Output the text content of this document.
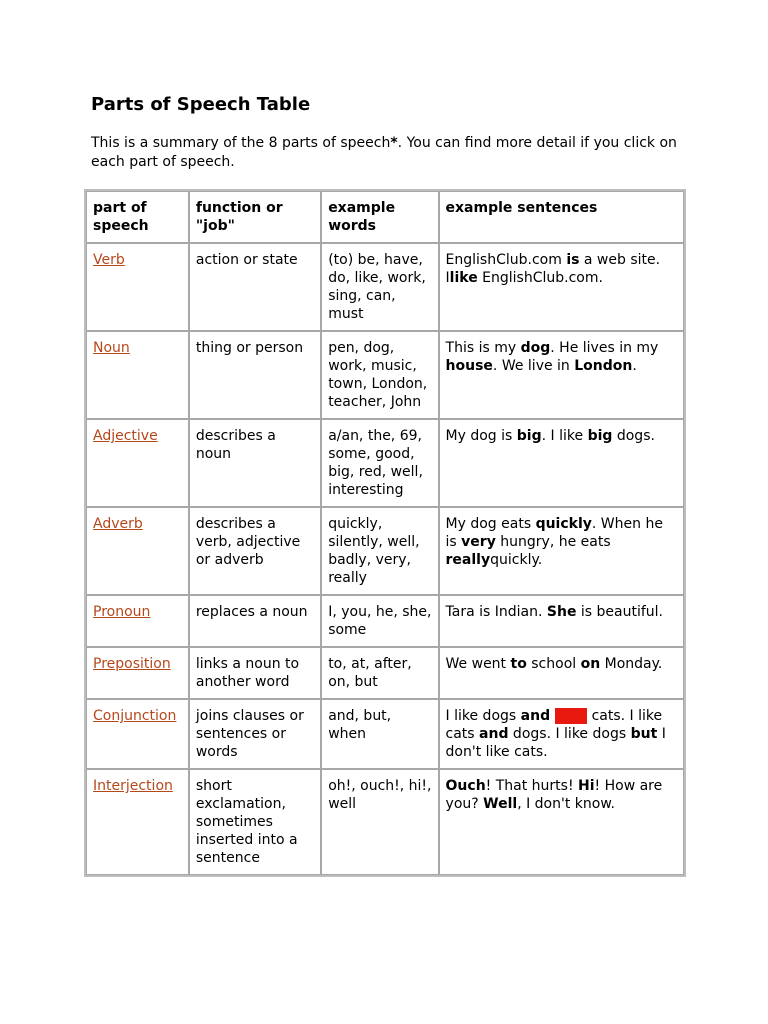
Parts of Speech Table

This is a summary of the 8 parts of speech*. You can find more detail if you click on each part of speech.

part of speech	function or "job"	example words	example sentences
Verb	action or state	(to) be, have, do, like, work, sing, can, must	EnglishClub.com is a web site. Ilike EnglishClub.com.
Noun	thing or person	pen, dog, work, music, town, London, teacher, John	This is my dog. He lives in my house. We live in London.
Adjective	describes a noun	a/an, the, 69, some, good, big, red, well, interesting	My dog is big. I like big dogs.
Adverb	describes a verb, adjective or adverb	quickly, silently, well, badly, very, really	My dog eats quickly. When he is very hungry, he eats reallyquickly.
Pronoun	replaces a noun	I, you, he, she, some	Tara is Indian. She is beautiful.
Preposition	links a noun to another word	to, at, after, on, but	We went to school on Monday.
Conjunction	joins clauses or sentences or words	and, but, when	I like dogs and I like cats. I like cats and dogs. I like dogs but I don't like cats.
Interjection	short exclamation, sometimes inserted into a sentence	oh!, ouch!, hi!, well	Ouch! That hurts! Hi! How are you? Well, I don't know.
